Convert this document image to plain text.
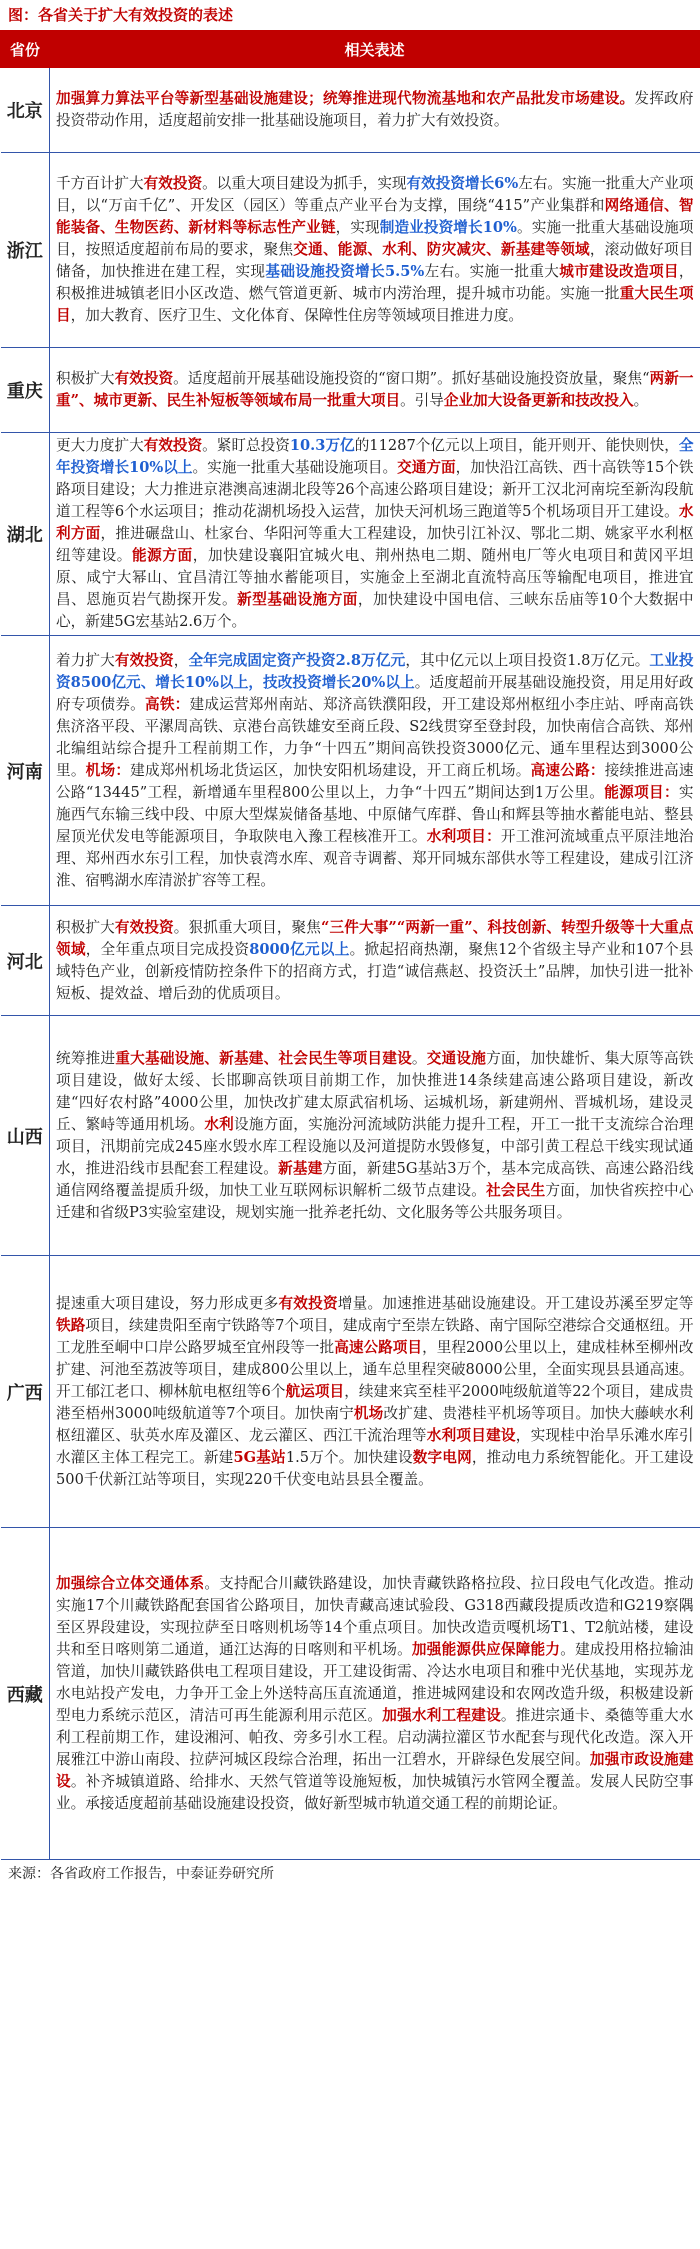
图：各省关于扩大有效投资的表述
省份	相关表述
北京	加强算力算法平台等新型基础设施建设；统筹推进现代物流基地和农产品批发市场建设。发挥政府投资带动作用，适度超前安排一批基础设施项目，着力扩大有效投资。
浙江	千方百计扩大有效投资。以重大项目建设为抓手，实现有效投资增长6%左右。实施一批重大产业项目，以“万亩千亿”、开发区（园区）等重点产业平台为支撑，围绕“415”产业集群和网络通信、智能装备、生物医药、新材料等标志性产业链，实现制造业投资增长10%。实施一批重大基础设施项目，按照适度超前布局的要求，聚焦交通、能源、水利、防灾减灾、新基建等领域，滚动做好项目储备，加快推进在建工程，实现基础设施投资增长5.5%左右。实施一批重大城市建设改造项目，积极推进城镇老旧小区改造、燃气管道更新、城市内涝治理，提升城市功能。实施一批重大民生项目，加大教育、医疗卫生、文化体育、保障性住房等领域项目推进力度。
重庆	积极扩大有效投资。适度超前开展基础设施投资的“窗口期”。抓好基础设施投资放量，聚焦“两新一重”、城市更新、民生补短板等领域布局一批重大项目。引导企业加大设备更新和技改投入。
湖北	更大力度扩大有效投资。紧盯总投资10.3万亿的11287个亿元以上项目，能开则开、能快则快，全年投资增长10%以上。实施一批重大基础设施项目。交通方面，加快沿江高铁、西十高铁等15个铁路项目建设；大力推进京港澳高速湖北段等26个高速公路项目建设；新开工汉北河南垸至新沟段航道工程等6个水运项目；推动花湖机场投入运营，加快天河机场三跑道等5个机场项目开工建设。水利方面，推进碾盘山、杜家台、华阳河等重大工程建设，加快引江补汉、鄂北二期、姚家平水利枢纽等建设。能源方面，加快建设襄阳宜城火电、荆州热电二期、随州电厂等火电项目和黄冈平坦原、咸宁大幂山、宜昌清江等抽水蓄能项目，实施金上至湖北直流特高压等输配电项目，推进宜昌、恩施页岩气勘探开发。新型基础设施方面，加快建设中国电信、三峡东岳庙等10个大数据中心，新建5G宏基站2.6万个。
河南	着力扩大有效投资，全年完成固定资产投资2.8万亿元，其中亿元以上项目投资1.8万亿元。工业投资8500亿元、增长10%以上，技改投资增长20%以上。适度超前开展基础设施投资，用足用好政府专项债券。高铁：建成运营郑州南站、郑济高铁濮阳段，开工建设郑州枢纽小李庄站、呼南高铁焦济洛平段、平漯周高铁、京港台高铁雄安至商丘段、S2线贯穿至登封段，加快南信合高铁、郑州北编组站综合提升工程前期工作，力争“十四五”期间高铁投资3000亿元、通车里程达到3000公里。机场：建成郑州机场北货运区，加快安阳机场建设，开工商丘机场。高速公路：接续推进高速公路“13445”工程，新增通车里程800公里以上，力争“十四五”期间达到1万公里。能源项目：实施西气东输三线中段、中原大型煤炭储备基地、中原储气库群、鲁山和辉县等抽水蓄能电站、整县屋顶光伏发电等能源项目，争取陕电入豫工程核准开工。水利项目：开工淮河流域重点平原洼地治理、郑州西水东引工程，加快袁湾水库、观音寺调蓄、郑开同城东部供水等工程建设，建成引江济淮、宿鸭湖水库清淤扩容等工程。
河北	积极扩大有效投资。狠抓重大项目，聚焦“三件大事”“两新一重”、科技创新、转型升级等十大重点领域，全年重点项目完成投资8000亿元以上。掀起招商热潮，聚焦12个省级主导产业和107个县域特色产业，创新疫情防控条件下的招商方式，打造“诚信燕赵、投资沃土”品牌，加快引进一批补短板、提效益、增后劲的优质项目。
山西	统筹推进重大基础设施、新基建、社会民生等项目建设。交通设施方面，加快雄忻、集大原等高铁项目建设，做好太绥、长邯聊高铁项目前期工作，加快推进14条续建高速公路项目建设，新改建“四好农村路”4000公里，加快改扩建太原武宿机场、运城机场，新建朔州、晋城机场，建设灵丘、繁峙等通用机场。水利设施方面，实施汾河流域防洪能力提升工程，开工一批干支流综合治理项目，汛期前完成245座水毁水库工程设施以及河道提防水毁修复，中部引黄工程总干线实现试通水，推进沿线市县配套工程建设。新基建方面，新建5G基站3万个，基本完成高铁、高速公路沿线通信网络覆盖提质升级，加快工业互联网标识解析二级节点建设。社会民生方面，加快省疾控中心迁建和省级P3实验室建设，规划实施一批养老托幼、文化服务等公共服务项目。
广西	提速重大项目建设，努力形成更多有效投资增量。加速推进基础设施建设。开工建设苏溪至罗定等铁路项目，续建贵阳至南宁铁路等7个项目，建成南宁至崇左铁路、南宁国际空港综合交通枢纽。开工龙胜至峒中口岸公路罗城至宜州段等一批高速公路项目，里程2000公里以上，建成桂林至柳州改扩建、河池至荔波等项目，建成800公里以上，通车总里程突破8000公里，全面实现县县通高速。开工郁江老口、柳林航电枢纽等6个航运项目，续建来宾至桂平2000吨级航道等22个项目，建成贵港至梧州3000吨级航道等7个项目。加快南宁机场改扩建、贵港桂平机场等项目。加快大藤峡水利枢纽灌区、驮英水库及灌区、龙云灌区、西江干流治理等水利项目建设，实现桂中治旱乐滩水库引水灌区主体工程完工。新建5G基站1.5万个。加快建设数字电网，推动电力系统智能化。开工建设500千伏新江站等项目，实现220千伏变电站县县全覆盖。
西藏	加强综合立体交通体系。支持配合川藏铁路建设，加快青藏铁路格拉段、拉日段电气化改造。推动实施17个川藏铁路配套国省公路项目，加快青藏高速试验段、G318西藏段提质改造和G219察隅至区界段建设，实现拉萨至日喀则机场等14个重点项目。加快改造贡嘎机场T1、T2航站楼，建设共和至日喀则第二通道，通江达海的日喀则和平机场。加强能源供应保障能力。建成投用格拉输油管道，加快川藏铁路供电工程项目建设，开工建设街需、冷达水电项目和雅中光伏基地，实现苏龙水电站投产发电，力争开工金上外送特高压直流通道，推进城网建设和农网改造升级，积极建设新型电力系统示范区，清洁可再生能源利用示范区。加强水利工程建设。推进宗通卡、桑德等重大水利工程前期工作，建设湘河、帕孜、旁多引水工程。启动满拉灌区节水配套与现代化改造。深入开展雅江中游山南段、拉萨河城区段综合治理，拓出一江碧水，开辟绿色发展空间。加强市政设施建设。补齐城镇道路、给排水、天然气管道等设施短板，加快城镇污水管网全覆盖。发展人民防空事业。承接适度超前基础设施建设投资，做好新型城市轨道交通工程的前期论证。
来源：各省政府工作报告，中泰证券研究所
